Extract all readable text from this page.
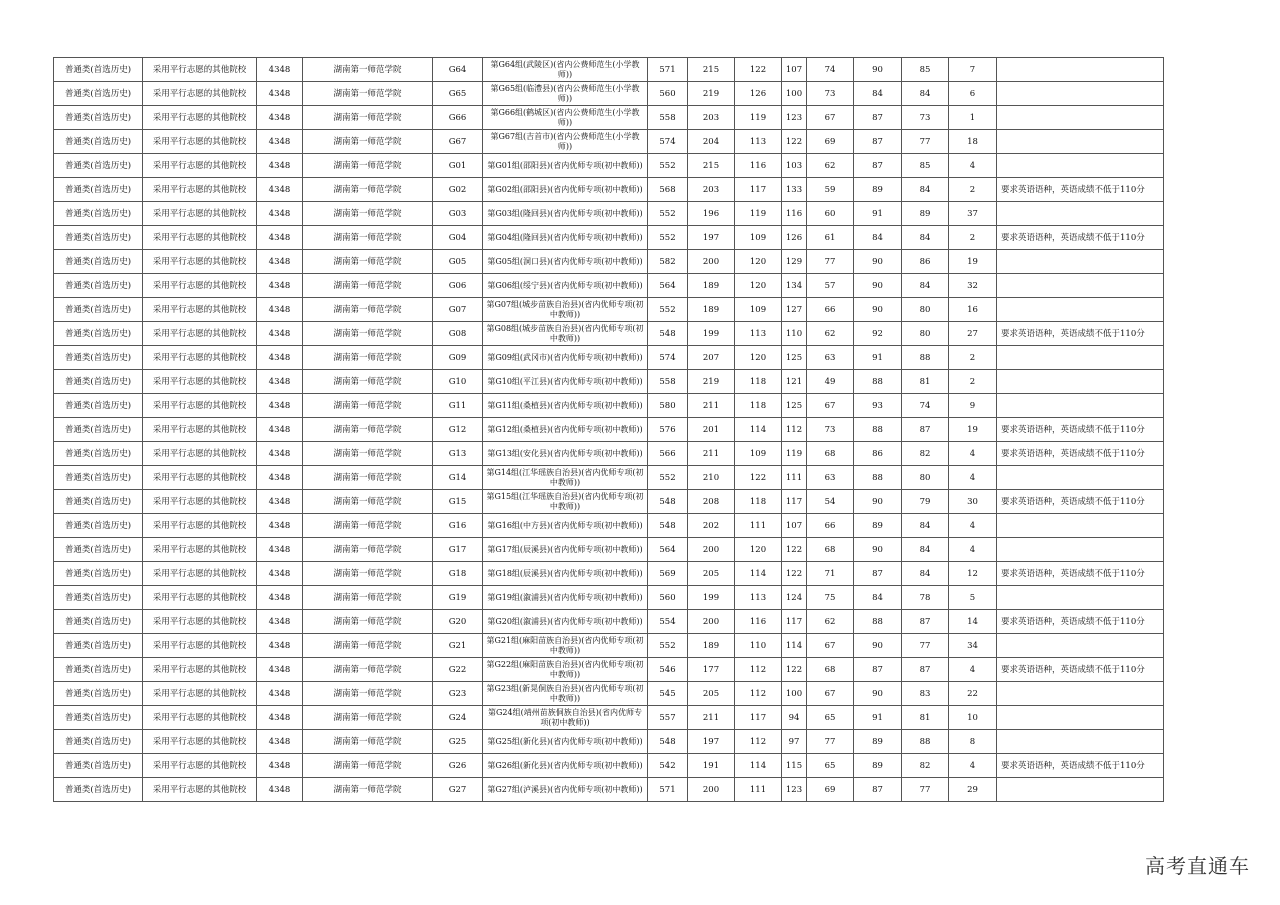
普通类(首选历史)	采用平行志愿的其他院校	4348	湖南第一师范学院	G64	第G64组(武陵区)(省内公费师范生(小学教师))	571	215	122	107	74	90	85	7	
普通类(首选历史)	采用平行志愿的其他院校	4348	湖南第一师范学院	G65	第G65组(临澧县)(省内公费师范生(小学教师))	560	219	126	100	73	84	84	6	
普通类(首选历史)	采用平行志愿的其他院校	4348	湖南第一师范学院	G66	第G66组(鹤城区)(省内公费师范生(小学教师))	558	203	119	123	67	87	73	1	
普通类(首选历史)	采用平行志愿的其他院校	4348	湖南第一师范学院	G67	第G67组(吉首市)(省内公费师范生(小学教师))	574	204	113	122	69	87	77	18	
普通类(首选历史)	采用平行志愿的其他院校	4348	湖南第一师范学院	G01	第G01组(邵阳县)(省内优师专项(初中教师))	552	215	116	103	62	87	85	4	
普通类(首选历史)	采用平行志愿的其他院校	4348	湖南第一师范学院	G02	第G02组(邵阳县)(省内优师专项(初中教师))	568	203	117	133	59	89	84	2	要求英语语种，英语成绩不低于110分
普通类(首选历史)	采用平行志愿的其他院校	4348	湖南第一师范学院	G03	第G03组(隆回县)(省内优师专项(初中教师))	552	196	119	116	60	91	89	37	
普通类(首选历史)	采用平行志愿的其他院校	4348	湖南第一师范学院	G04	第G04组(隆回县)(省内优师专项(初中教师))	552	197	109	126	61	84	84	2	要求英语语种，英语成绩不低于110分
普通类(首选历史)	采用平行志愿的其他院校	4348	湖南第一师范学院	G05	第G05组(洞口县)(省内优师专项(初中教师))	582	200	120	129	77	90	86	19	
普通类(首选历史)	采用平行志愿的其他院校	4348	湖南第一师范学院	G06	第G06组(绥宁县)(省内优师专项(初中教师))	564	189	120	134	57	90	84	32	
普通类(首选历史)	采用平行志愿的其他院校	4348	湖南第一师范学院	G07	第G07组(城步苗族自治县)(省内优师专项(初中教师))	552	189	109	127	66	90	80	16	
普通类(首选历史)	采用平行志愿的其他院校	4348	湖南第一师范学院	G08	第G08组(城步苗族自治县)(省内优师专项(初中教师))	548	199	113	110	62	92	80	27	要求英语语种，英语成绩不低于110分
普通类(首选历史)	采用平行志愿的其他院校	4348	湖南第一师范学院	G09	第G09组(武冈市)(省内优师专项(初中教师))	574	207	120	125	63	91	88	2	
普通类(首选历史)	采用平行志愿的其他院校	4348	湖南第一师范学院	G10	第G10组(平江县)(省内优师专项(初中教师))	558	219	118	121	49	88	81	2	
普通类(首选历史)	采用平行志愿的其他院校	4348	湖南第一师范学院	G11	第G11组(桑植县)(省内优师专项(初中教师))	580	211	118	125	67	93	74	9	
普通类(首选历史)	采用平行志愿的其他院校	4348	湖南第一师范学院	G12	第G12组(桑植县)(省内优师专项(初中教师))	576	201	114	112	73	88	87	19	要求英语语种，英语成绩不低于110分
普通类(首选历史)	采用平行志愿的其他院校	4348	湖南第一师范学院	G13	第G13组(安化县)(省内优师专项(初中教师))	566	211	109	119	68	86	82	4	要求英语语种，英语成绩不低于110分
普通类(首选历史)	采用平行志愿的其他院校	4348	湖南第一师范学院	G14	第G14组(江华瑶族自治县)(省内优师专项(初中教师))	552	210	122	111	63	88	80	4	
普通类(首选历史)	采用平行志愿的其他院校	4348	湖南第一师范学院	G15	第G15组(江华瑶族自治县)(省内优师专项(初中教师))	548	208	118	117	54	90	79	30	要求英语语种，英语成绩不低于110分
普通类(首选历史)	采用平行志愿的其他院校	4348	湖南第一师范学院	G16	第G16组(中方县)(省内优师专项(初中教师))	548	202	111	107	66	89	84	4	
普通类(首选历史)	采用平行志愿的其他院校	4348	湖南第一师范学院	G17	第G17组(辰溪县)(省内优师专项(初中教师))	564	200	120	122	68	90	84	4	
普通类(首选历史)	采用平行志愿的其他院校	4348	湖南第一师范学院	G18	第G18组(辰溪县)(省内优师专项(初中教师))	569	205	114	122	71	87	84	12	要求英语语种，英语成绩不低于110分
普通类(首选历史)	采用平行志愿的其他院校	4348	湖南第一师范学院	G19	第G19组(溆浦县)(省内优师专项(初中教师))	560	199	113	124	75	84	78	5	
普通类(首选历史)	采用平行志愿的其他院校	4348	湖南第一师范学院	G20	第G20组(溆浦县)(省内优师专项(初中教师))	554	200	116	117	62	88	87	14	要求英语语种，英语成绩不低于110分
普通类(首选历史)	采用平行志愿的其他院校	4348	湖南第一师范学院	G21	第G21组(麻阳苗族自治县)(省内优师专项(初中教师))	552	189	110	114	67	90	77	34	
普通类(首选历史)	采用平行志愿的其他院校	4348	湖南第一师范学院	G22	第G22组(麻阳苗族自治县)(省内优师专项(初中教师))	546	177	112	122	68	87	87	4	要求英语语种，英语成绩不低于110分
普通类(首选历史)	采用平行志愿的其他院校	4348	湖南第一师范学院	G23	第G23组(新晃侗族自治县)(省内优师专项(初中教师))	545	205	112	100	67	90	83	22	
普通类(首选历史)	采用平行志愿的其他院校	4348	湖南第一师范学院	G24	第G24组(靖州苗族侗族自治县)(省内优师专项(初中教师))	557	211	117	94	65	91	81	10	
普通类(首选历史)	采用平行志愿的其他院校	4348	湖南第一师范学院	G25	第G25组(新化县)(省内优师专项(初中教师))	548	197	112	97	77	89	88	8	
普通类(首选历史)	采用平行志愿的其他院校	4348	湖南第一师范学院	G26	第G26组(新化县)(省内优师专项(初中教师))	542	191	114	115	65	89	82	4	要求英语语种，英语成绩不低于110分
普通类(首选历史)	采用平行志愿的其他院校	4348	湖南第一师范学院	G27	第G27组(泸溪县)(省内优师专项(初中教师))	571	200	111	123	69	87	77	29	
高考直通车
